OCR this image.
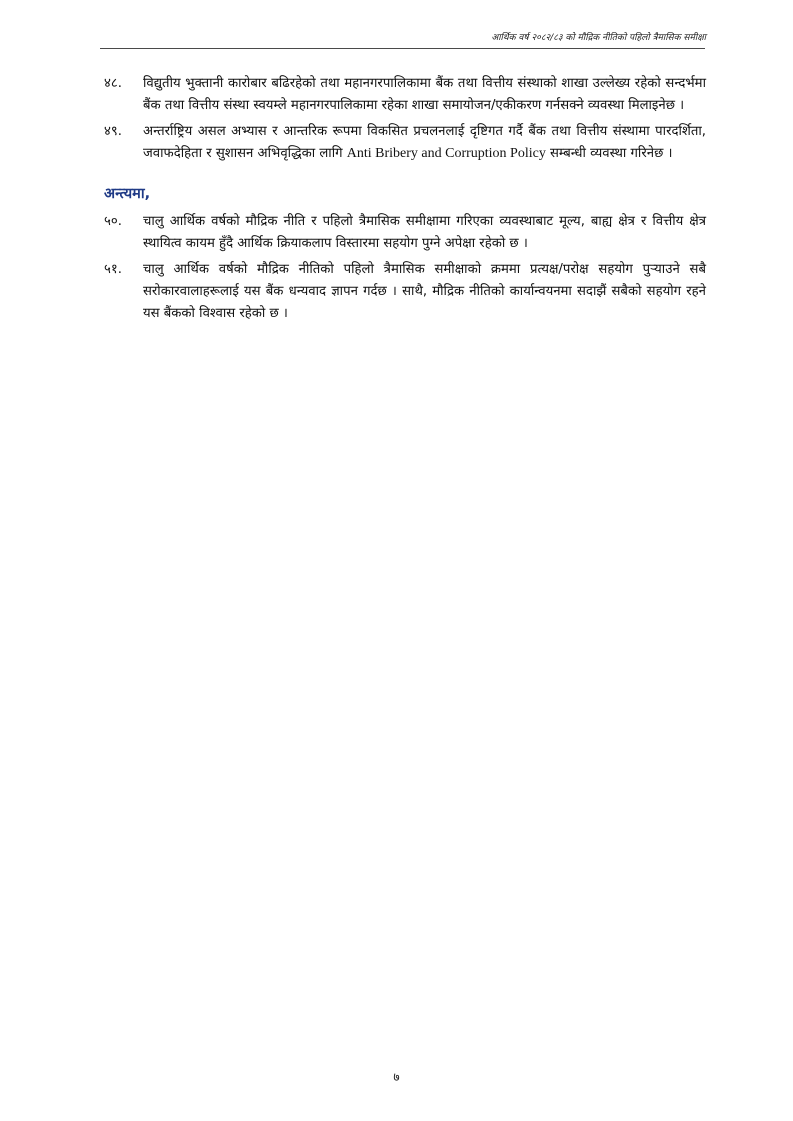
आर्थिक वर्ष २०८२/८३ को मौद्रिक नीतिको पहिलो त्रैमासिक समीक्षा
४८.	विद्युतीय भुक्तानी कारोबार बढिरहेको तथा महानगरपालिकामा बैंक तथा वित्तीय संस्थाको शाखा उल्लेख्य रहेको सन्दर्भमा बैंक तथा वित्तीय संस्था स्वयम्ले महानगरपालिकामा रहेका शाखा समायोजन/एकीकरण गर्नसक्ने व्यवस्था मिलाइनेछ ।
४९.	अन्तर्राष्ट्रिय असल अभ्यास र आन्तरिक रूपमा विकसित प्रचलनलाई दृष्टिगत गर्दै बैंक तथा वित्तीय संस्थामा पारदर्शिता, जवाफदेहिता र सुशासन अभिवृद्धिका लागि Anti Bribery and Corruption Policy सम्बन्धी व्यवस्था गरिनेछ ।
अन्त्यमा,
५०.	चालु आर्थिक वर्षको मौद्रिक नीति र पहिलो त्रैमासिक समीक्षामा गरिएका व्यवस्थाबाट मूल्य, बाह्य क्षेत्र र वित्तीय क्षेत्र स्थायित्व कायम हुँदै आर्थिक क्रियाकलाप विस्तारमा सहयोग पुग्ने अपेक्षा रहेको छ ।
५१.	चालु आर्थिक वर्षको मौद्रिक नीतिको पहिलो त्रैमासिक समीक्षाको क्रममा प्रत्यक्ष/परोक्ष सहयोग पुर्‍याउने सबै सरोकारवालाहरूलाई यस बैंक धन्यवाद ज्ञापन गर्दछ । साथै, मौद्रिक नीतिको कार्यान्वयनमा सदाझैं सबैको सहयोग रहने यस बैंकको विश्वास रहेको छ ।
७
